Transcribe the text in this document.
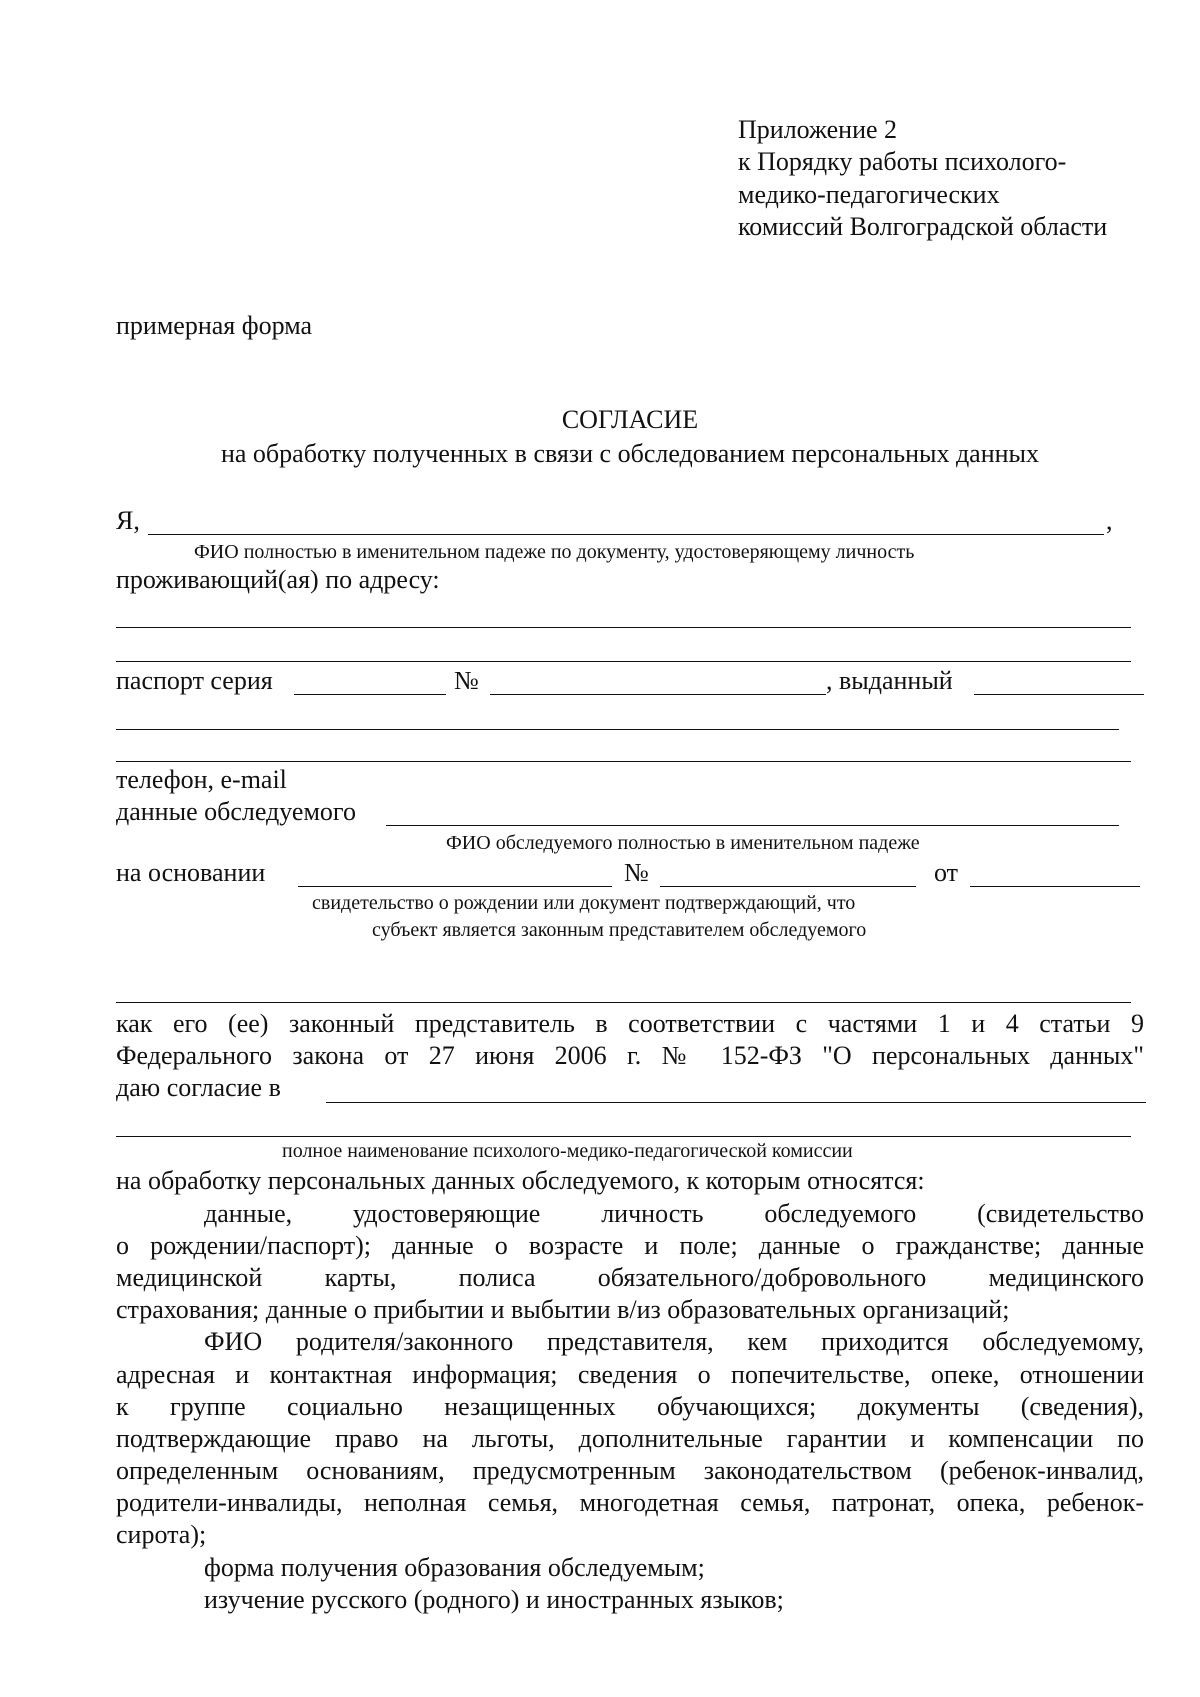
Приложение 2
к Порядку работы психолого-
медико-педагогических
комиссий Волгоградской области
примерная форма
СОГЛАСИЕ
на обработку полученных в связи с обследованием персональных данных
Я,	,
ФИО полностью в именительном падеже по документу, удостоверяющему личность
проживающий(ая) по адресу:
паспорт серия	№	, выданный
телефон, e-mail
данные обследуемого
ФИО обследуемого полностью в именительном падеже
на основании	№	от
свидетельство о рождении или документ подтверждающий, что
субъект является законным представителем обследуемого
как его (ее) законный представитель в соответствии с частями 1 и 4 статьи 9
Федерального закона от 27 июня 2006 г. № 152-ФЗ "О персональных данных"
даю согласие в
полное наименование психолого-медико-педагогической комиссии
на обработку персональных данных обследуемого, к которым относятся:
данные, удостоверяющие личность обследуемого (свидетельство
о рождении/паспорт); данные о возрасте и поле; данные о гражданстве; данные
медицинской карты, полиса обязательного/добровольного медицинского
страхования; данные о прибытии и выбытии в/из образовательных организаций;
ФИО родителя/законного представителя, кем приходится обследуемому,
адресная и контактная информация; сведения о попечительстве, опеке, отношении
к группе социально незащищенных обучающихся; документы (сведения),
подтверждающие право на льготы, дополнительные гарантии и компенсации по
определенным основаниям, предусмотренным законодательством (ребенок-инвалид,
родители-инвалиды, неполная семья, многодетная семья, патронат, опека, ребенок-
сирота);
форма получения образования обследуемым;
изучение русского (родного) и иностранных языков;
